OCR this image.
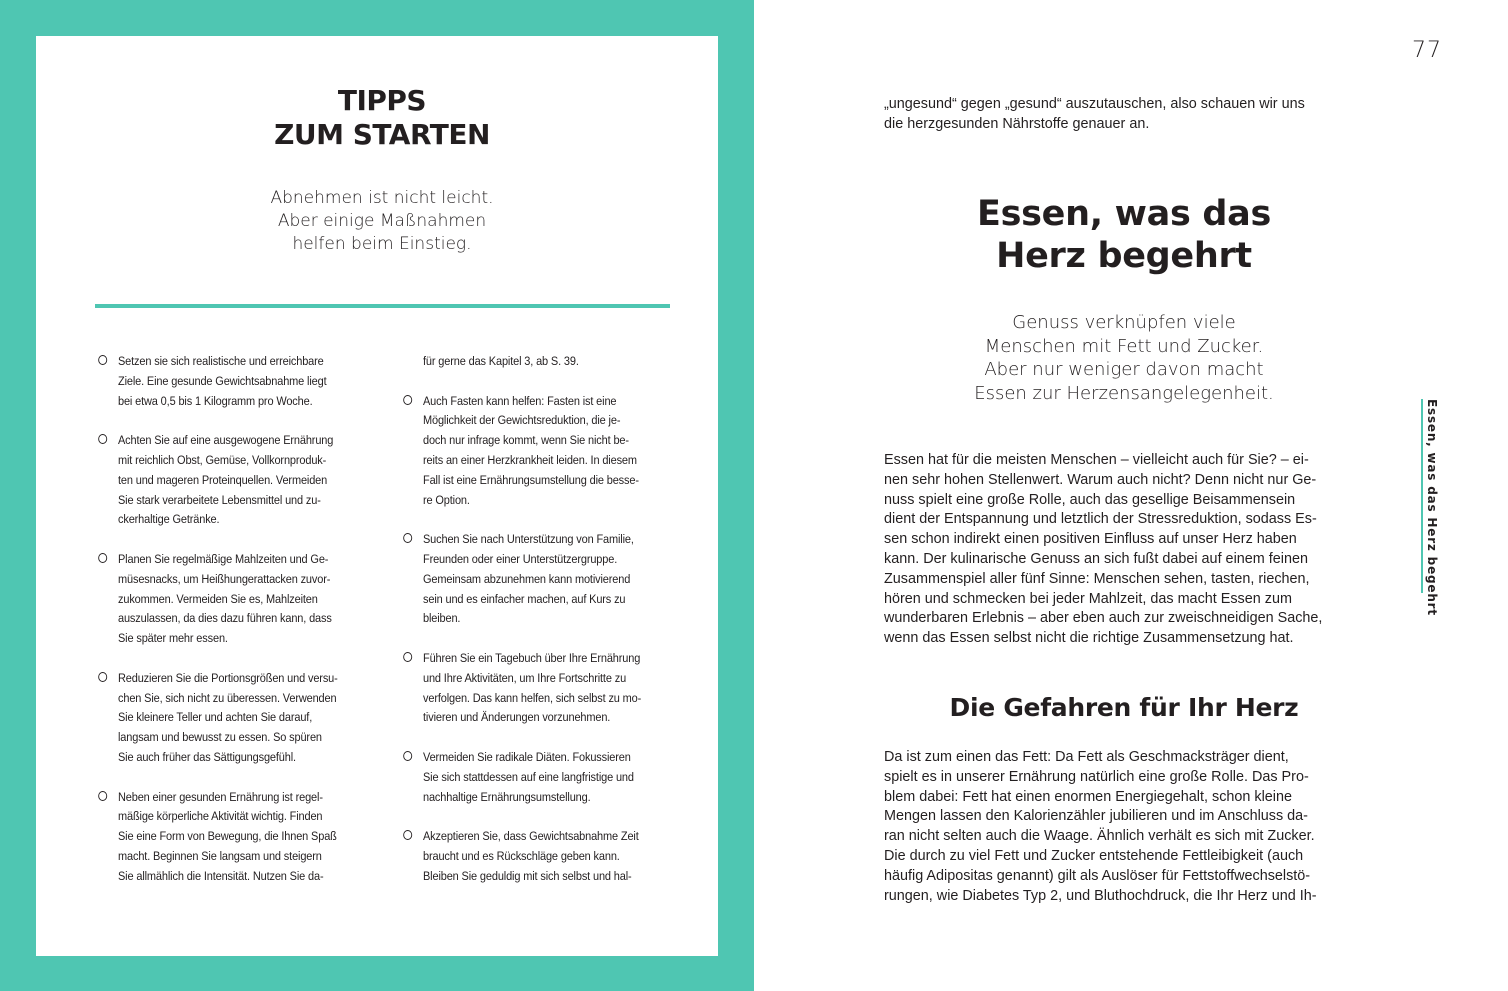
TIPPS
ZUM STARTEN
Abnehmen ist nicht leicht.
Aber einige Maßnahmen
helfen beim Einstieg.
Setzen sie sich realistische und erreichbare
Ziele. Eine gesunde Gewichtsabnahme liegt
bei etwa 0,5 bis 1 Kilogramm pro Woche.
Achten Sie auf eine ausgewogene Ernährung
mit reichlich Obst, Gemüse, Vollkornproduk-
ten und mageren Proteinquellen. Vermeiden
Sie stark verarbeitete Lebensmittel und zu-
ckerhaltige Getränke.
Planen Sie regelmäßige Mahlzeiten und Ge-
müsesnacks, um Heißhungerattacken zuvor-
zukommen. Vermeiden Sie es, Mahlzeiten
auszulassen, da dies dazu führen kann, dass
Sie später mehr essen.
Reduzieren Sie die Portionsgrößen und versu-
chen Sie, sich nicht zu überessen. Verwenden
Sie kleinere Teller und achten Sie darauf,
langsam und bewusst zu essen. So spüren
Sie auch früher das Sättigungsgefühl.
Neben einer gesunden Ernährung ist regel-
mäßige körperliche Aktivität wichtig. Finden
Sie eine Form von Bewegung, die Ihnen Spaß
macht. Beginnen Sie langsam und steigern
Sie allmählich die Intensität. Nutzen Sie da-
für gerne das Kapitel 3, ab S. 39.
Auch Fasten kann helfen: Fasten ist eine
Möglichkeit der Gewichtsreduktion, die je-
doch nur infrage kommt, wenn Sie nicht be-
reits an einer Herzkrankheit leiden. In diesem
Fall ist eine Ernährungsumstellung die besse-
re Option.
Suchen Sie nach Unterstützung von Familie,
Freunden oder einer Unterstützergruppe.
Gemeinsam abzunehmen kann motivierend
sein und es einfacher machen, auf Kurs zu
bleiben.
Führen Sie ein Tagebuch über Ihre Ernährung
und Ihre Aktivitäten, um Ihre Fortschritte zu
verfolgen. Das kann helfen, sich selbst zu mo-
tivieren und Änderungen vorzunehmen.
Vermeiden Sie radikale Diäten. Fokussieren
Sie sich stattdessen auf eine langfristige und
nachhaltige Ernährungsumstellung.
Akzeptieren Sie, dass Gewichtsabnahme Zeit
braucht und es Rückschläge geben kann.
Bleiben Sie geduldig mit sich selbst und hal-
77
„ungesund“ gegen „gesund“ auszutauschen, also schauen wir uns
die herzgesunden Nährstoffe genauer an.
Essen, was das
Herz begehrt
Genuss verknüpfen viele
Menschen mit Fett und Zucker.
Aber nur weniger davon macht
Essen zur Herzensangelegenheit.
Essen hat für die meisten Menschen – vielleicht auch für Sie? – ei-
nen sehr hohen Stellenwert. Warum auch nicht? Denn nicht nur Ge-
nuss spielt eine große Rolle, auch das gesellige Beisammensein
dient der Entspannung und letztlich der Stressreduktion, sodass Es-
sen schon indirekt einen positiven Einfluss auf unser Herz haben
kann. Der kulinarische Genuss an sich fußt dabei auf einem feinen
Zusammenspiel aller fünf Sinne: Menschen sehen, tasten, riechen,
hören und schmecken bei jeder Mahlzeit, das macht Essen zum
wunderbaren Erlebnis – aber eben auch zur zweischneidigen Sache,
wenn das Essen selbst nicht die richtige Zusammensetzung hat.
Die Gefahren für Ihr Herz
Da ist zum einen das Fett: Da Fett als Geschmacksträger dient,
spielt es in unserer Ernährung natürlich eine große Rolle. Das Pro-
blem dabei: Fett hat einen enormen Energiegehalt, schon kleine
Mengen lassen den Kalorienzähler jubilieren und im Anschluss da-
ran nicht selten auch die Waage. Ähnlich verhält es sich mit Zucker.
Die durch zu viel Fett und Zucker entstehende Fettleibigkeit (auch
häufig Adipositas genannt) gilt als Auslöser für Fettstoffwechselstö-
rungen, wie Diabetes Typ 2, und Bluthochdruck, die Ihr Herz und Ih-
Essen, was das Herz begehrt
